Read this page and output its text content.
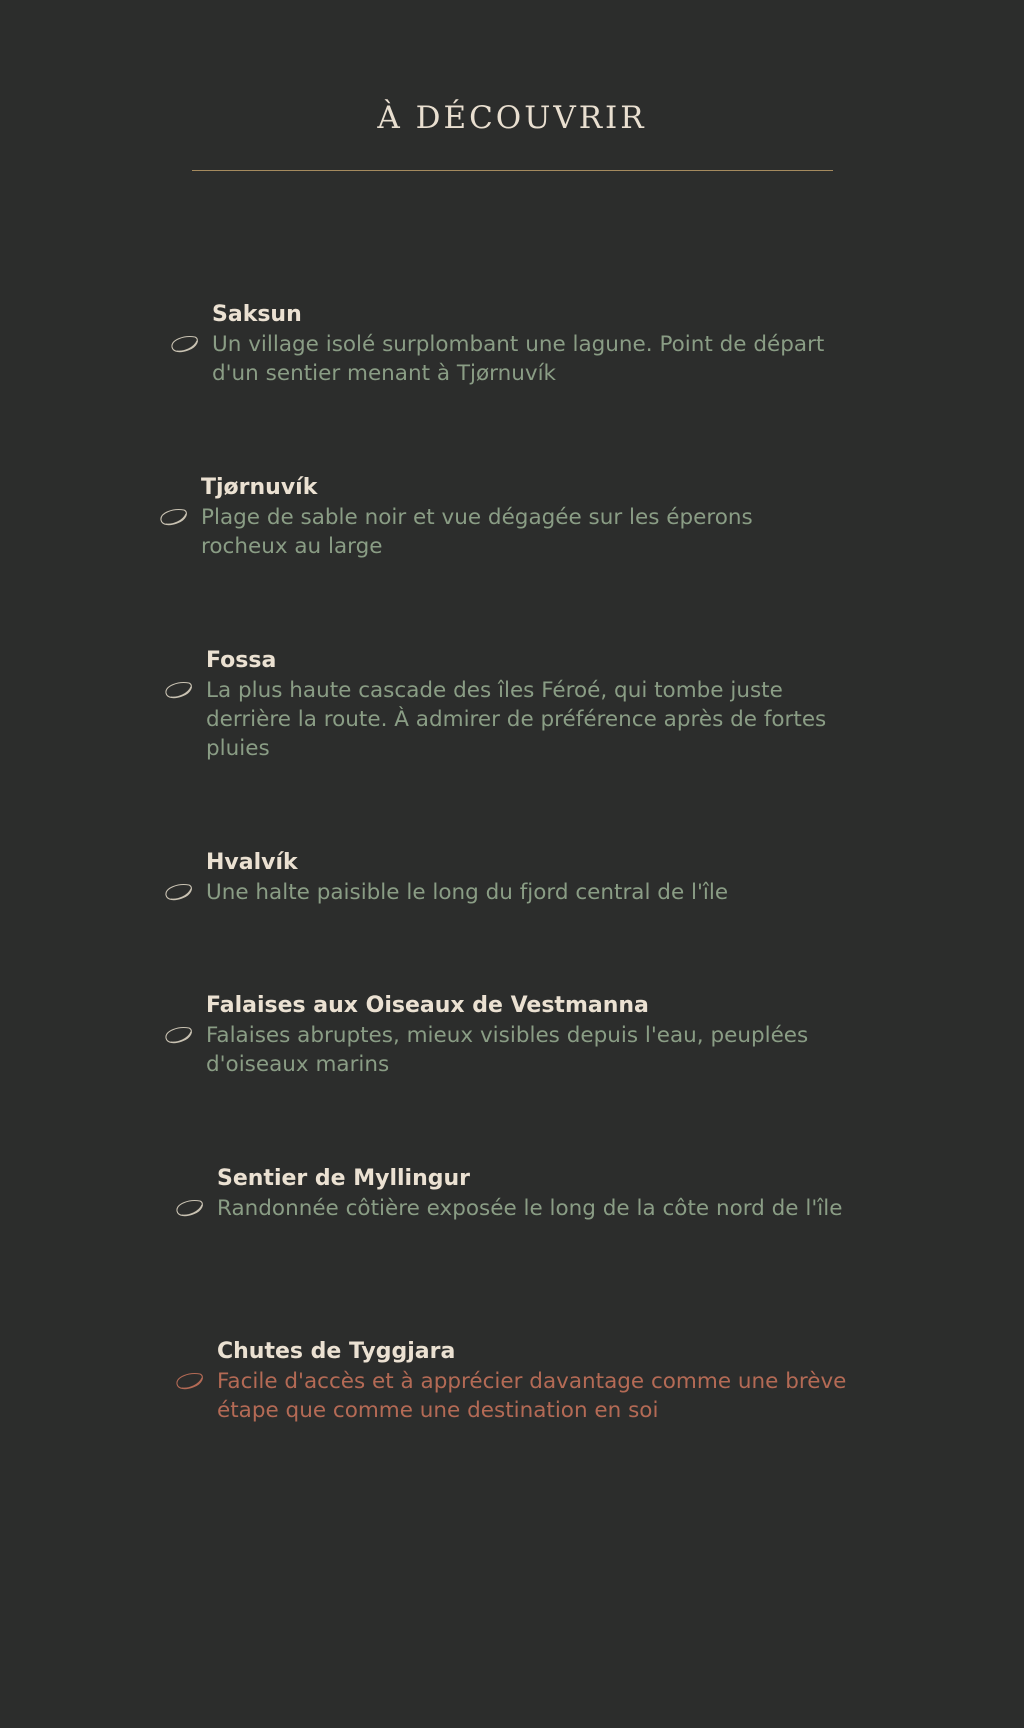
À DÉCOUVRIR
Saksun
Un village isolé surplombant une lagune. Point de départ d'un sentier menant à Tjørnuvík
Tjørnuvík
Plage de sable noir et vue dégagée sur les éperons rocheux au large
Fossa
La plus haute cascade des îles Féroé, qui tombe juste derrière la route. À admirer de préférence après de fortes pluies
Hvalvík
Une halte paisible le long du fjord central de l'île
Falaises aux Oiseaux de Vestmanna
Falaises abruptes, mieux visibles depuis l'eau, peuplées d'oiseaux marins
Sentier de Myllingur
Randonnée côtière exposée le long de la côte nord de l'île
Chutes de Tyggjara
Facile d'accès et à apprécier davantage comme une brève étape que comme une destination en soi
